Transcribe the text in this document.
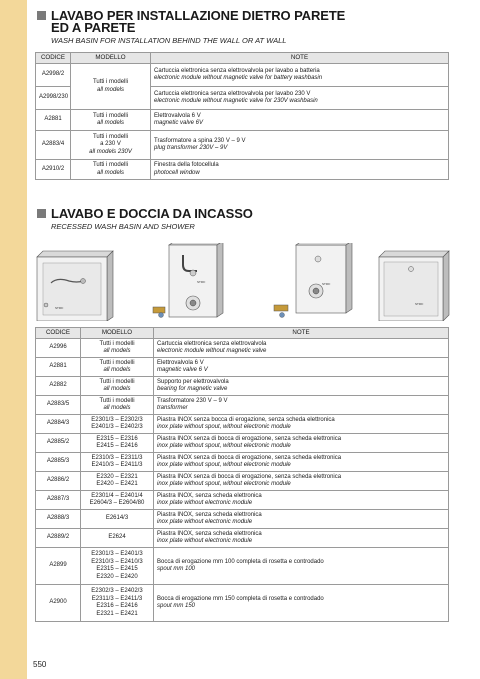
LAVABO PER INSTALLAZIONE DIETRO PARETE
ED A PARETE
WASH BASIN FOR INSTALLATION BEHIND THE WALL OR AT WALL
CODICE	MODELLO	NOTE
A2998/2	Tutti i modelli
all models	Cartuccia elettronica senza elettrovalvola per lavabo a batteria
electronic module without magnetic valve for battery washbasin

A2998/230		Cartuccia elettronica senza elettrovalvola per lavabo 230 V
electronic module without magnetic valve for 230V washbasin

A2881	Tutti i modelli
all models	Elettrovalvola 6 V
magnetic valve 6V

A2883/4	Tutti i modelli
a 230 V
all models 230V	Trasformatore a spina 230 V – 9 V
plug transformer 230V – 9V

A2910/2	Tutti i modelli
all models	Finestra della fotocellula
photocell window
LAVABO E DOCCIA DA INCASSO
RECESSED WASH BASIN AND SHOWER
STIFF
STIFF	STIFF
STIFF
CODICE	MODELLO	NOTE
A2996	Tutti i modelli
all models	Cartuccia elettronica senza elettrovalvola
electronic module without magnetic valve

A2881	Tutti i modelli
all models	Elettrovalvola 6 V
magnetic valve 6 V

A2882	Tutti i modelli
all models	Supporto per elettrovalvola
bearing for magnetic valve

A2883/5	Tutti i modelli
all models	Trasformatore 230 V – 9 V
transformer

A2884/3	E2301/3 – E2302/3
E2401/3 – E2402/3	Piastra INOX senza bocca di erogazione, senza scheda elettronica
inox plate without spout, without electronic module

A2885/2	E2315 – E2316
E2415 – E2416	Piastra INOX senza di bocca di erogazione, senza scheda elettronica
inox plate without spout, without electronic module

A2885/3	E2310/3 – E2311/3
E2410/3 – E2411/3	Piastra INOX senza di bocca di erogazione, senza scheda elettronica
inox plate without spout, without electronic module

A2886/2	E2320 – E2321
E2420 – E2421	Piastra INOX senza di bocca di erogazione, senza scheda elettronica
inox plate without spout, without electronic module

A2887/3	E2301/4 – E2401/4
E2604/3 – E2604/80	Piastra INOX, senza scheda elettronica
inox plate without electronic module

A2888/3	E2614/3	Piastra INOX, senza scheda elettronica
inox plate without electronic module

A2889/2	E2624	Piastra INOX, senza scheda elettronica
inox plate without electronic module

A2899	E2301/3 – E2401/3
E2310/3 – E2410/3
E2315 – E2415
E2320 – E2420	Bocca di erogazione mm 100 completa di rosetta e controdado
spout mm 100

A2900	E2302/3 – E2402/3
E2311/3 – E2411/3
E2316 – E2416
E2321 – E2421	Bocca di erogazione mm 150 completa di rosetta e controdado
spout mm 150
550
